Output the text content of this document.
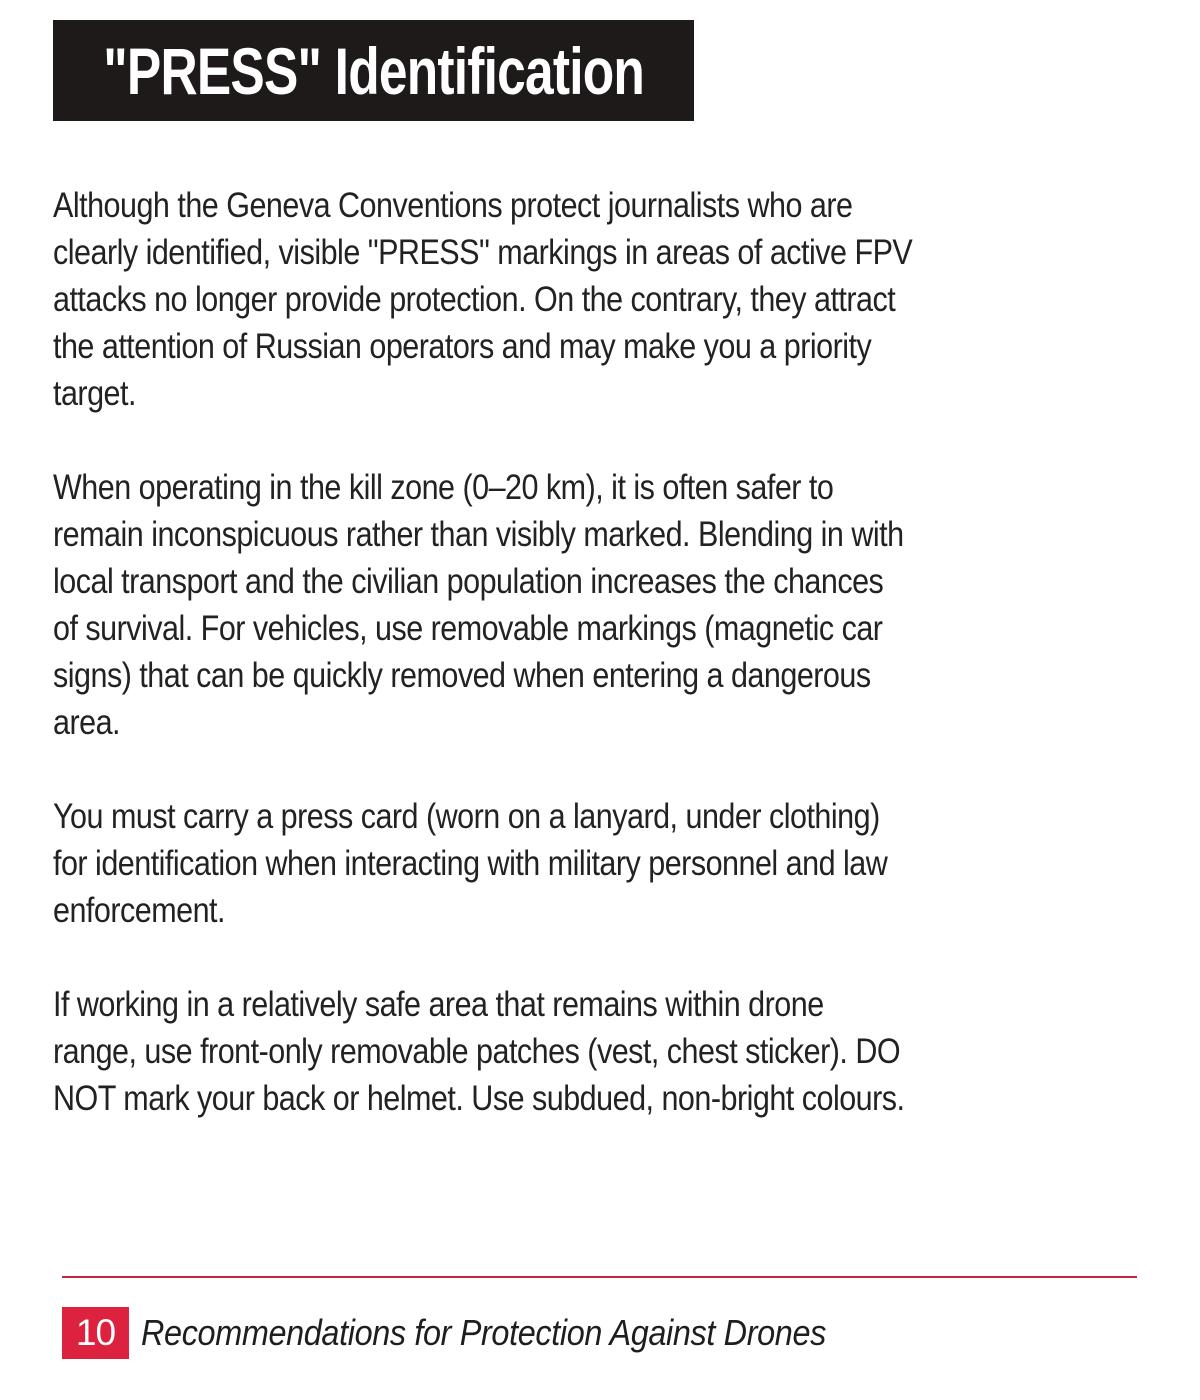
"PRESS" Identification

Although the Geneva Conventions protect journalists who are
clearly identified, visible "PRESS" markings in areas of active FPV
attacks no longer provide protection. On the contrary, they attract
the attention of Russian operators and may make you a priority
target.

When operating in the kill zone (0–20 km), it is often safer to
remain inconspicuous rather than visibly marked. Blending in with
local transport and the civilian population increases the chances
of survival. For vehicles, use removable markings (magnetic car
signs) that can be quickly removed when entering a dangerous
area.

You must carry a press card (worn on a lanyard, under clothing)
for identification when interacting with military personnel and law
enforcement.

If working in a relatively safe area that remains within drone
range, use front-only removable patches (vest, chest sticker). DO
NOT mark your back or helmet. Use subdued, non-bright colours.

10 Recommendations for Protection Against Drones
